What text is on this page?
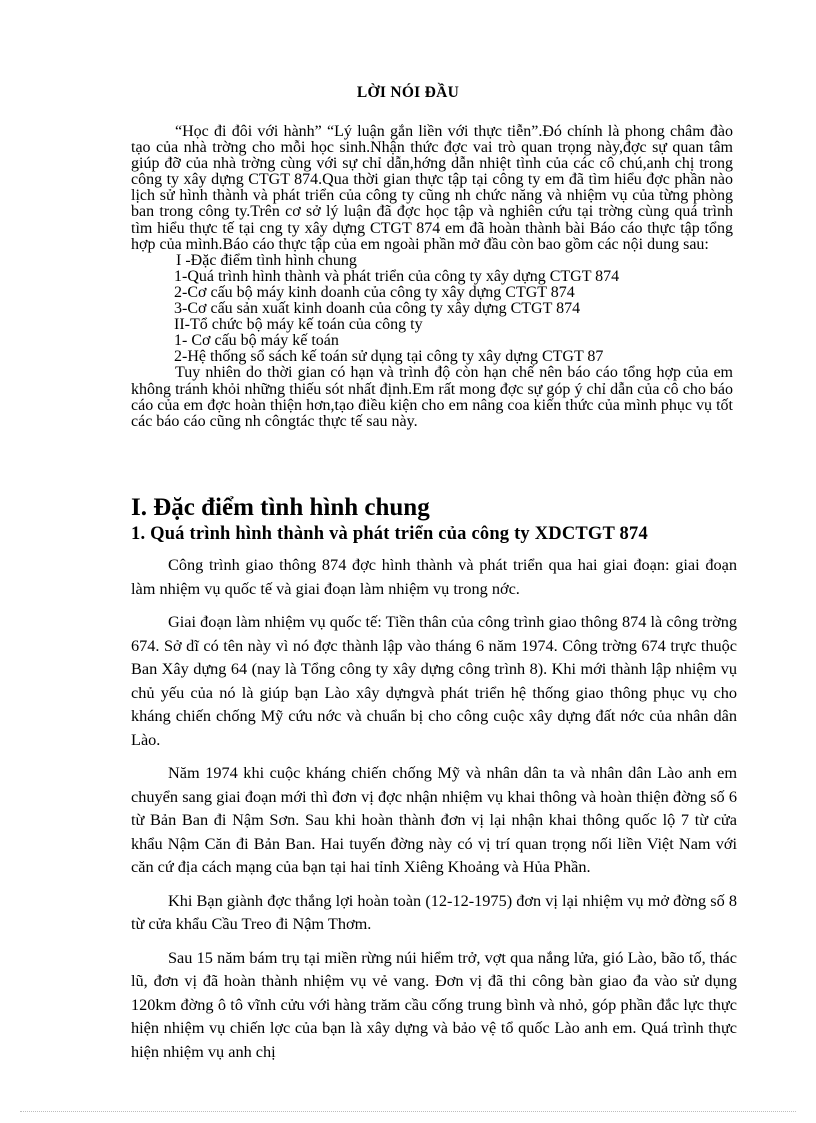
LỜI NÓI ĐẦU

“Học đi đôi với hành” “Lý luận gắn liền với thực tiễn”.Đó chính là phong châm đào tạo của nhà trờng cho mỗi học sinh.Nhận thức đợc vai trò quan trọng này,đợc sự quan tâm giúp đỡ của nhà trờng cùng với sự chỉ dẫn,hớng dẫn nhiệt tình của các cô chú,anh chị trong công ty xây dựng CTGT 874.Qua thời gian thực tập tại công ty em đã tìm hiểu đợc phần nào lịch sử hình thành và phát triển của công ty cũng nh chức năng và nhiệm vụ của từng phòng ban trong công ty.Trên cơ sở lý luận đã đợc học tập và nghiên cứu tại trờng cùng quá trình tìm hiểu thực tế tại cng ty xây dựng CTGT 874 em đã hoàn thành bài Báo cáo thực tập tổng hợp của mình.Báo cáo thực tập của em ngoài phần mở đầu còn bao gồm các nội dung sau:

I -Đặc điểm tình hình chung

1-Quá trình hình thành và phát triển của công ty xây dựng CTGT 874

2-Cơ cấu bộ máy kinh doanh của công ty xây dựng CTGT 874

3-Cơ cấu sản xuất kinh doanh của công ty xây dựng CTGT 874

II-Tổ chức bộ máy kế toán của công ty

1- Cơ cấu bộ máy kế toán

2-Hệ thống sổ sách kế toán sử dụng tại công ty xây dựng CTGT 87

Tuy nhiên do thời gian có hạn và trình độ còn hạn chế nên báo cáo tổng hợp của em không tránh khỏi những thiếu sót nhất định.Em rất mong đợc sự góp ý chỉ dẫn của cô cho báo cáo của em đợc hoàn thiện hơn,tạo điều kiện cho em nâng coa kiến thức của mình phục vụ tốt các báo cáo cũng nh côngtác thực tế sau này.

I. Đặc điểm tình hình chung
1. Quá trình hình thành và phát triển của công ty XDCTGT 874

Công trình giao thông 874 đợc hình thành và phát triển qua hai giai đoạn: giai đoạn làm nhiệm vụ quốc tế và giai đoạn làm nhiệm vụ trong nớc.

Giai đoạn làm nhiệm vụ quốc tế: Tiền thân của công trình giao thông 874 là công trờng 674. Sở dĩ có tên này vì nó đợc thành lập vào tháng 6 năm 1974. Công trờng 674 trực thuộc Ban Xây dựng 64 (nay là Tổng công ty xây dựng công trình 8). Khi mới thành lập nhiệm vụ chủ yếu của nó là giúp bạn Lào xây dựngvà phát triển hệ thống giao thông phục vụ cho kháng chiến chống Mỹ cứu nớc và chuẩn bị cho công cuộc xây dựng đất nớc của nhân dân Lào.

Năm 1974 khi cuộc kháng chiến chống Mỹ và nhân dân ta và nhân dân Lào anh em chuyển sang giai đoạn mới thì đơn vị đợc nhận nhiệm vụ khai thông và hoàn thiện đờng số 6 từ Bản Ban đi Nậm Sơn. Sau khi hoàn thành đơn vị lại nhận khai thông quốc lộ 7 từ cửa khẩu Nậm Căn đi Bản Ban. Hai tuyến đờng này có vị trí quan trọng nối liền Việt Nam với căn cứ địa cách mạng của bạn tại hai tỉnh Xiêng Khoảng và Hủa Phần.

Khi Bạn giành đợc thắng lợi hoàn toàn (12-12-1975) đơn vị lại nhiệm vụ mở đờng số 8 từ cửa khẩu Cầu Treo đi Nậm Thơm.

Sau 15 năm bám trụ tại miền rừng núi hiểm trở, vợt qua nắng lửa, gió Lào, bão tố, thác lũ, đơn vị đã hoàn thành nhiệm vụ vẻ vang. Đơn vị đã thi công bàn giao đa vào sử dụng 120km đờng ô tô vĩnh cửu với hàng trăm cầu cống trung bình và nhỏ, góp phần đắc lực thực hiện nhiệm vụ chiến lợc của bạn là xây dựng và bảo vệ tổ quốc Lào anh em. Quá trình thực hiện nhiệm vụ anh chị
